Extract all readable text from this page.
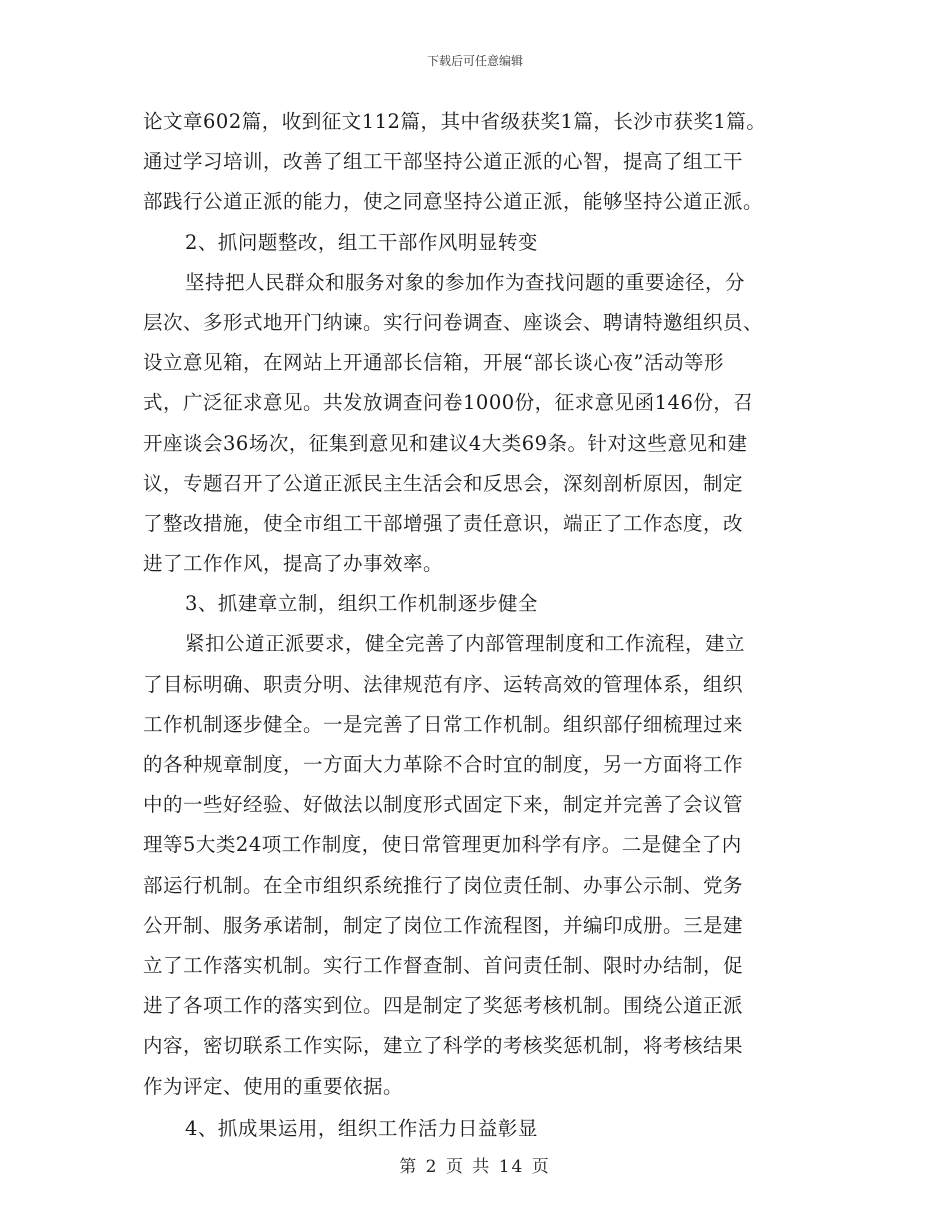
下载后可任意编辑
论文章602篇，收到征文112篇，其中省级获奖1篇，长沙市获奖1篇。
通过学习培训，改善了组工干部坚持公道正派的心智，提高了组工干
部践行公道正派的能力，使之同意坚持公道正派，能够坚持公道正派。
2、抓问题整改，组工干部作风明显转变
坚持把人民群众和服务对象的参加作为查找问题的重要途径，分
层次、多形式地开门纳谏。实行问卷调查、座谈会、聘请特邀组织员、
设立意见箱，在网站上开通部长信箱，开展“部长谈心夜”活动等形
式，广泛征求意见。共发放调查问卷1000份，征求意见函146份，召
开座谈会36场次，征集到意见和建议4大类69条。针对这些意见和建
议，专题召开了公道正派民主生活会和反思会，深刻剖析原因，制定
了整改措施，使全市组工干部增强了责任意识，端正了工作态度，改
进了工作作风，提高了办事效率。
3、抓建章立制，组织工作机制逐步健全
紧扣公道正派要求，健全完善了内部管理制度和工作流程，建立
了目标明确、职责分明、法律规范有序、运转高效的管理体系，组织
工作机制逐步健全。一是完善了日常工作机制。组织部仔细梳理过来
的各种规章制度，一方面大力革除不合时宜的制度，另一方面将工作
中的一些好经验、好做法以制度形式固定下来，制定并完善了会议管
理等5大类24项工作制度，使日常管理更加科学有序。二是健全了内
部运行机制。在全市组织系统推行了岗位责任制、办事公示制、党务
公开制、服务承诺制，制定了岗位工作流程图，并编印成册。三是建
立了工作落实机制。实行工作督查制、首问责任制、限时办结制，促
进了各项工作的落实到位。四是制定了奖惩考核机制。围绕公道正派
内容，密切联系工作实际，建立了科学的考核奖惩机制，将考核结果
作为评定、使用的重要依据。
4、抓成果运用，组织工作活力日益彰显
第 2 页 共 14 页
